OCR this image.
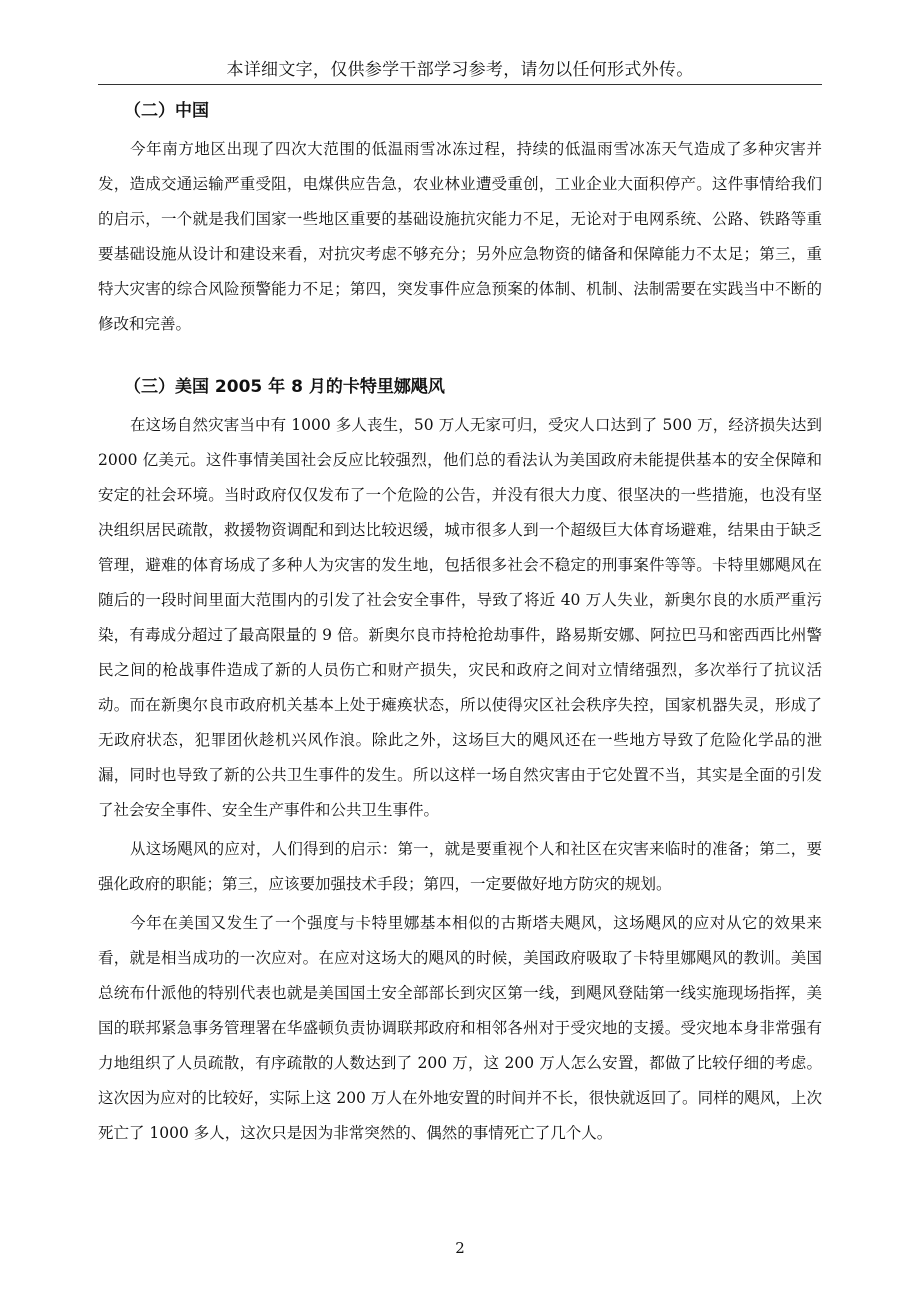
本详细文字，仅供参学干部学习参考，请勿以任何形式外传。
（二）中国

今年南方地区出现了四次大范围的低温雨雪冰冻过程，持续的低温雨雪冰冻天气造成了多种灾害并发，造成交通运输严重受阻，电煤供应告急，农业林业遭受重创，工业企业大面积停产。这件事情给我们的启示，一个就是我们国家一些地区重要的基础设施抗灾能力不足，无论对于电网系统、公路、铁路等重要基础设施从设计和建设来看，对抗灾考虑不够充分；另外应急物资的储备和保障能力不太足；第三，重特大灾害的综合风险预警能力不足；第四，突发事件应急预案的体制、机制、法制需要在实践当中不断的修改和完善。

（三）美国 2005 年 8 月的卡特里娜飓风

在这场自然灾害当中有 1000 多人丧生，50 万人无家可归，受灾人口达到了 500 万，经济损失达到 2000 亿美元。这件事情美国社会反应比较强烈，他们总的看法认为美国政府未能提供基本的安全保障和安定的社会环境。当时政府仅仅发布了一个危险的公告，并没有很大力度、很坚决的一些措施，也没有坚决组织居民疏散，救援物资调配和到达比较迟缓，城市很多人到一个超级巨大体育场避难，结果由于缺乏管理，避难的体育场成了多种人为灾害的发生地，包括很多社会不稳定的刑事案件等等。卡特里娜飓风在随后的一段时间里面大范围内的引发了社会安全事件，导致了将近 40 万人失业，新奥尔良的水质严重污染，有毒成分超过了最高限量的 9 倍。新奥尔良市持枪抢劫事件，路易斯安娜、阿拉巴马和密西西比州警民之间的枪战事件造成了新的人员伤亡和财产损失，灾民和政府之间对立情绪强烈，多次举行了抗议活动。而在新奥尔良市政府机关基本上处于瘫痪状态，所以使得灾区社会秩序失控，国家机器失灵，形成了无政府状态，犯罪团伙趁机兴风作浪。除此之外，这场巨大的飓风还在一些地方导致了危险化学品的泄漏，同时也导致了新的公共卫生事件的发生。所以这样一场自然灾害由于它处置不当，其实是全面的引发了社会安全事件、安全生产事件和公共卫生事件。

从这场飓风的应对，人们得到的启示：第一，就是要重视个人和社区在灾害来临时的准备；第二，要强化政府的职能；第三，应该要加强技术手段；第四，一定要做好地方防灾的规划。

今年在美国又发生了一个强度与卡特里娜基本相似的古斯塔夫飓风，这场飓风的应对从它的效果来看，就是相当成功的一次应对。在应对这场大的飓风的时候，美国政府吸取了卡特里娜飓风的教训。美国总统布什派他的特别代表也就是美国国土安全部部长到灾区第一线，到飓风登陆第一线实施现场指挥，美国的联邦紧急事务管理署在华盛顿负责协调联邦政府和相邻各州对于受灾地的支援。受灾地本身非常强有力地组织了人员疏散，有序疏散的人数达到了 200 万，这 200 万人怎么安置，都做了比较仔细的考虑。这次因为应对的比较好，实际上这 200 万人在外地安置的时间并不长，很快就返回了。同样的飓风，上次死亡了 1000 多人，这次只是因为非常突然的、偶然的事情死亡了几个人。

2
